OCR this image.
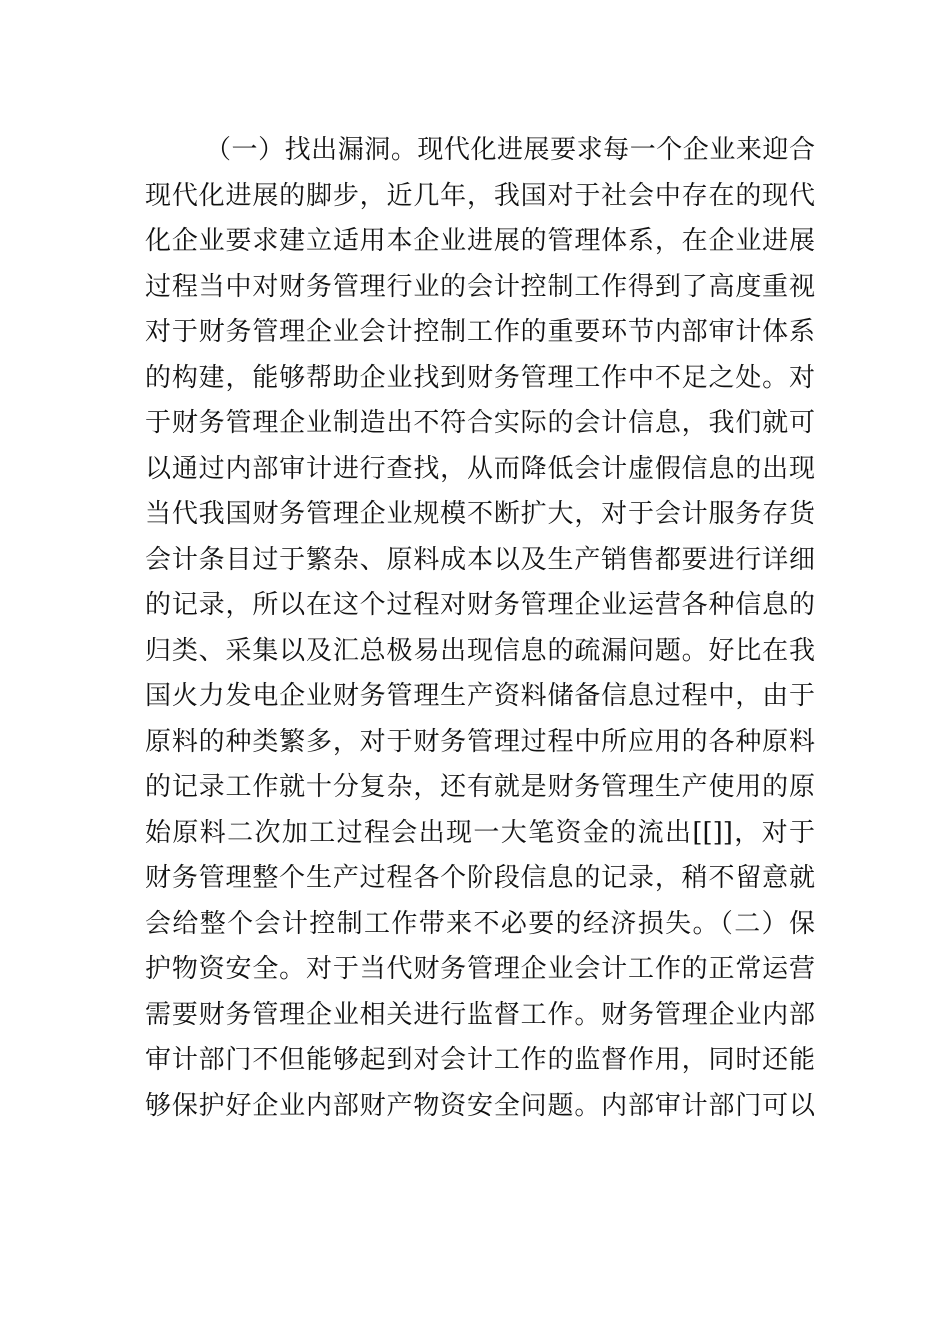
（一）找出漏洞。现代化进展要求每一个企业来迎合
现代化进展的脚步，近几年，我国对于社会中存在的现代
化企业要求建立适用本企业进展的管理体系，在企业进展
过程当中对财务管理行业的会计控制工作得到了高度重视
对于财务管理企业会计控制工作的重要环节内部审计体系
的构建，能够帮助企业找到财务管理工作中不足之处。对
于财务管理企业制造出不符合实际的会计信息，我们就可
以通过内部审计进行查找，从而降低会计虚假信息的出现
当代我国财务管理企业规模不断扩大，对于会计服务存货
会计条目过于繁杂、原料成本以及生产销售都要进行详细
的记录，所以在这个过程对财务管理企业运营各种信息的
归类、采集以及汇总极易出现信息的疏漏问题。好比在我
国火力发电企业财务管理生产资料储备信息过程中，由于
原料的种类繁多，对于财务管理过程中所应用的各种原料
的记录工作就十分复杂，还有就是财务管理生产使用的原
始原料二次加工过程会出现一大笔资金的流出[[]]，对于
财务管理整个生产过程各个阶段信息的记录，稍不留意就
会给整个会计控制工作带来不必要的经济损失。（二）保
护物资安全。对于当代财务管理企业会计工作的正常运营
需要财务管理企业相关进行监督工作。财务管理企业内部
审计部门不但能够起到对会计工作的监督作用，同时还能
够保护好企业内部财产物资安全问题。内部审计部门可以
